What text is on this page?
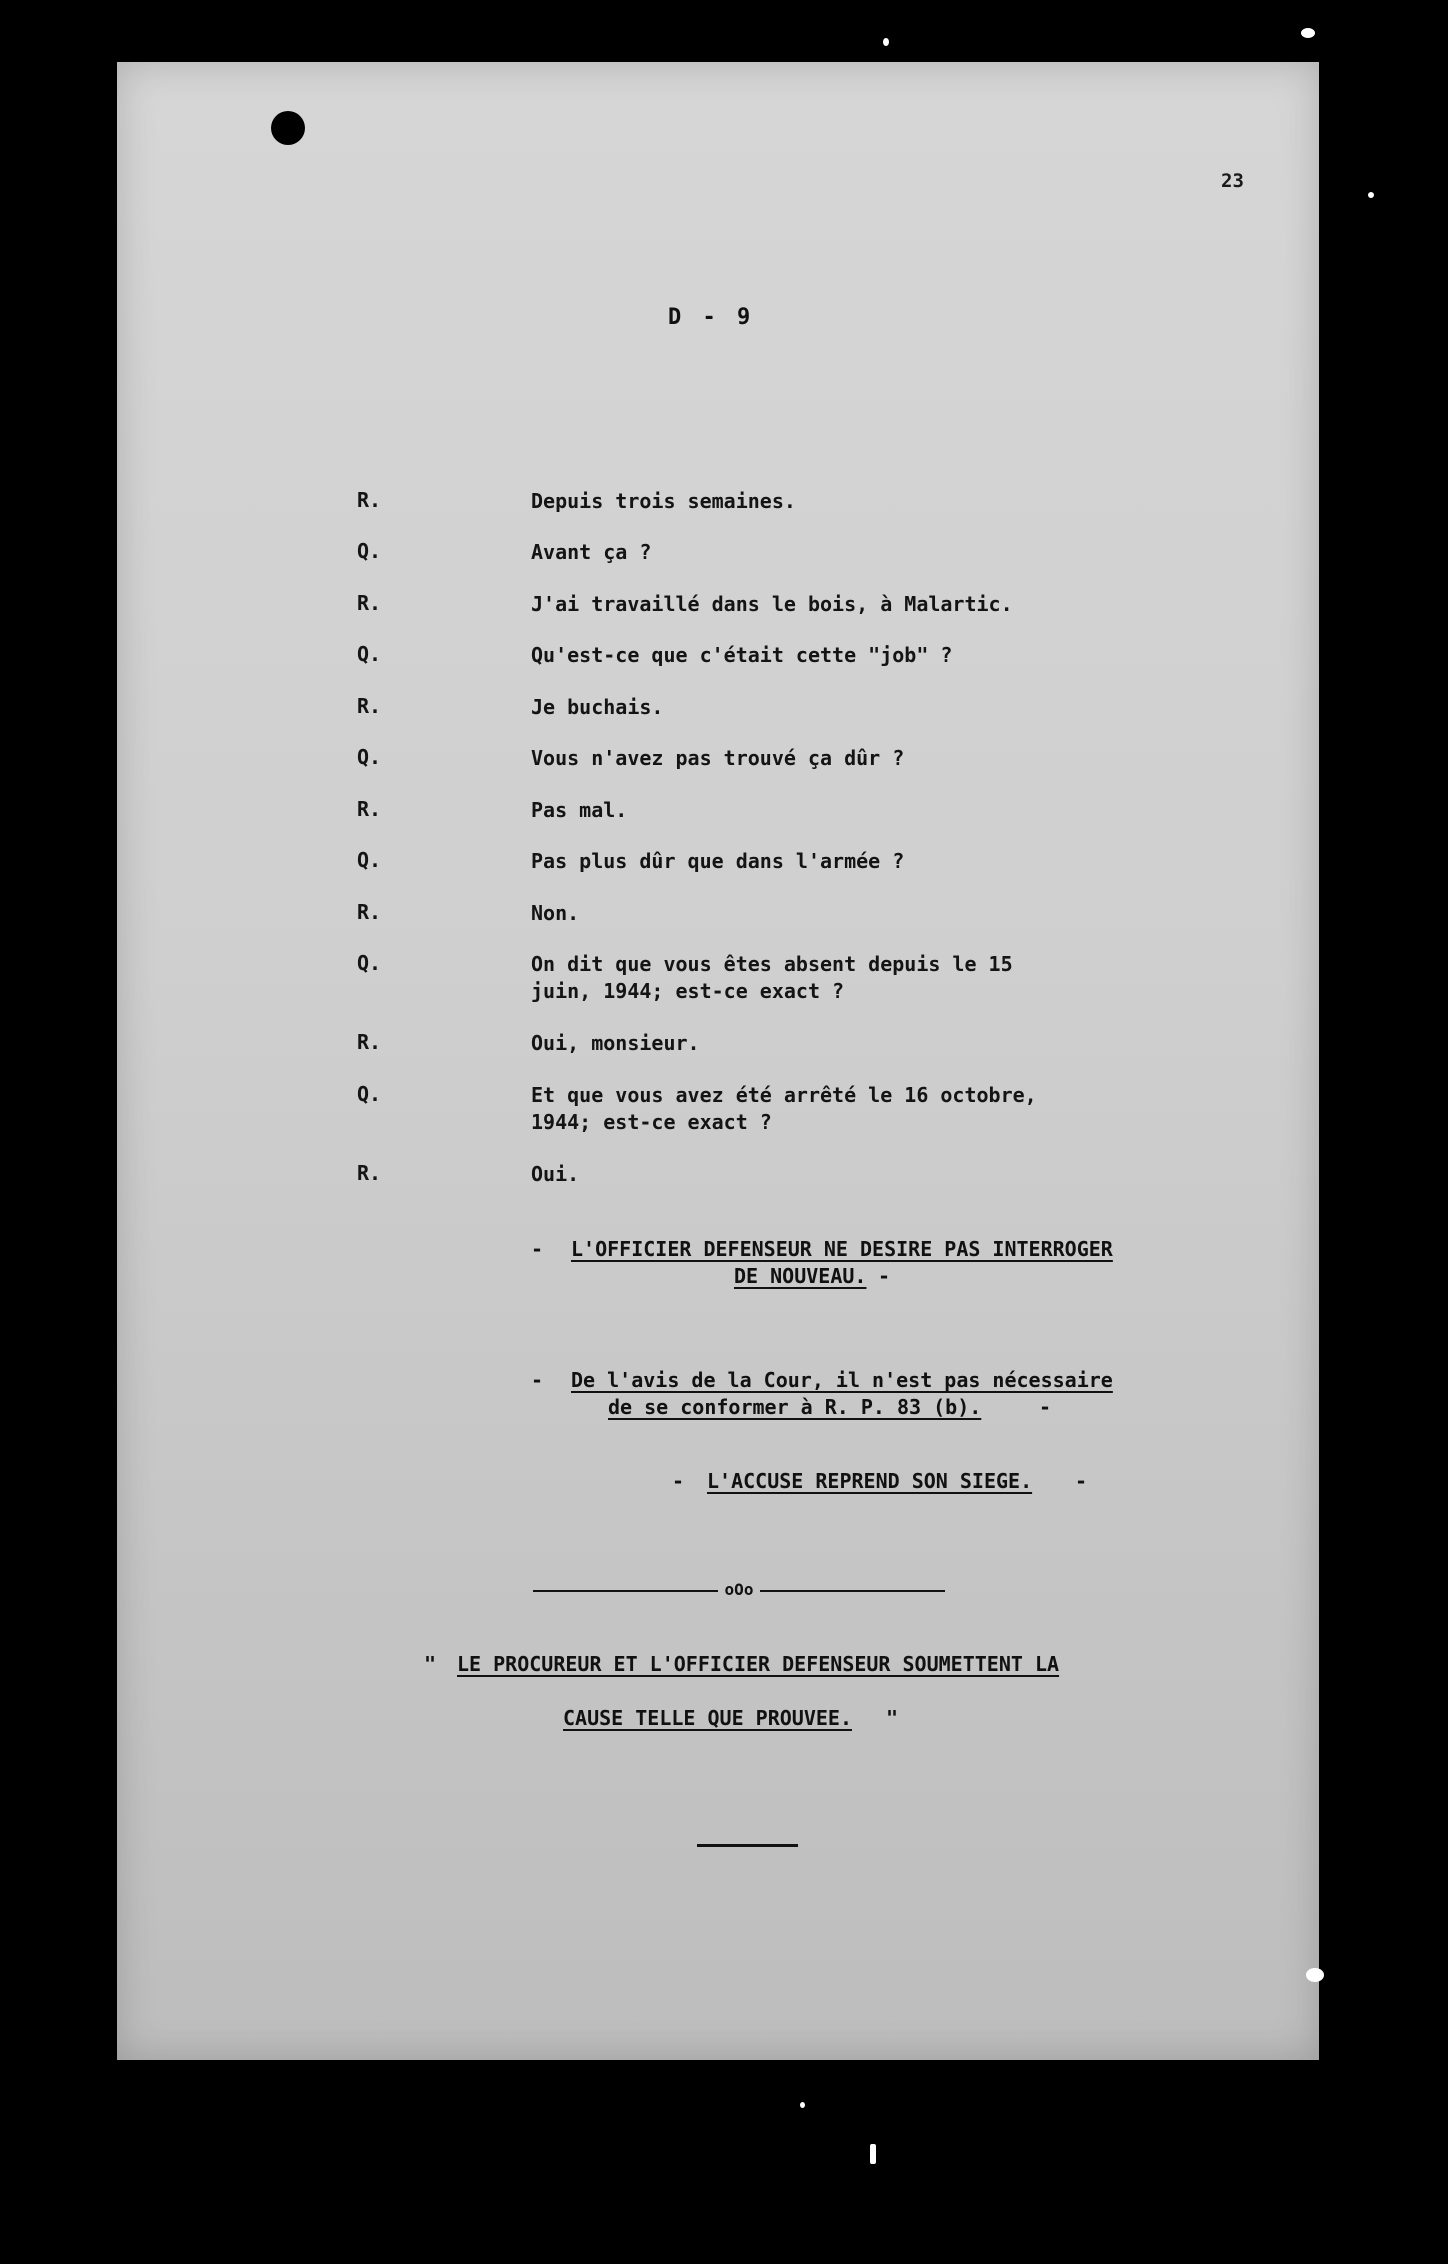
23
D - 9
R.	Depuis trois semaines.
Q.	Avant ça ?
R.	J'ai travaillé dans le bois, à Malartic.
Q.	Qu'est-ce que c'était cette "job" ?
R.	Je buchais.
Q.	Vous n'avez pas trouvé ça dûr ?
R.	Pas mal.
Q.	Pas plus dûr que dans l'armée ?
R.	Non.
Q.	On dit que vous êtes absent depuis le 15
juin, 1944; est-ce exact ?
R.	Oui, monsieur.
Q.	Et que vous avez été arrêté le 16 octobre,
1944; est-ce exact ?
R.	Oui.
- L'OFFICIER DEFENSEUR NE DESIRE PAS INTERROGER
DE NOUVEAU. -
- De l'avis de la Cour, il n'est pas nécessaire
de se conformer à R. P. 83 (b).	-
- L'ACCUSE REPREND SON SIEGE. -
oOo
" LE PROCUREUR ET L'OFFICIER DEFENSEUR SOUMETTENT LA
CAUSE TELLE QUE PROUVEE. "
